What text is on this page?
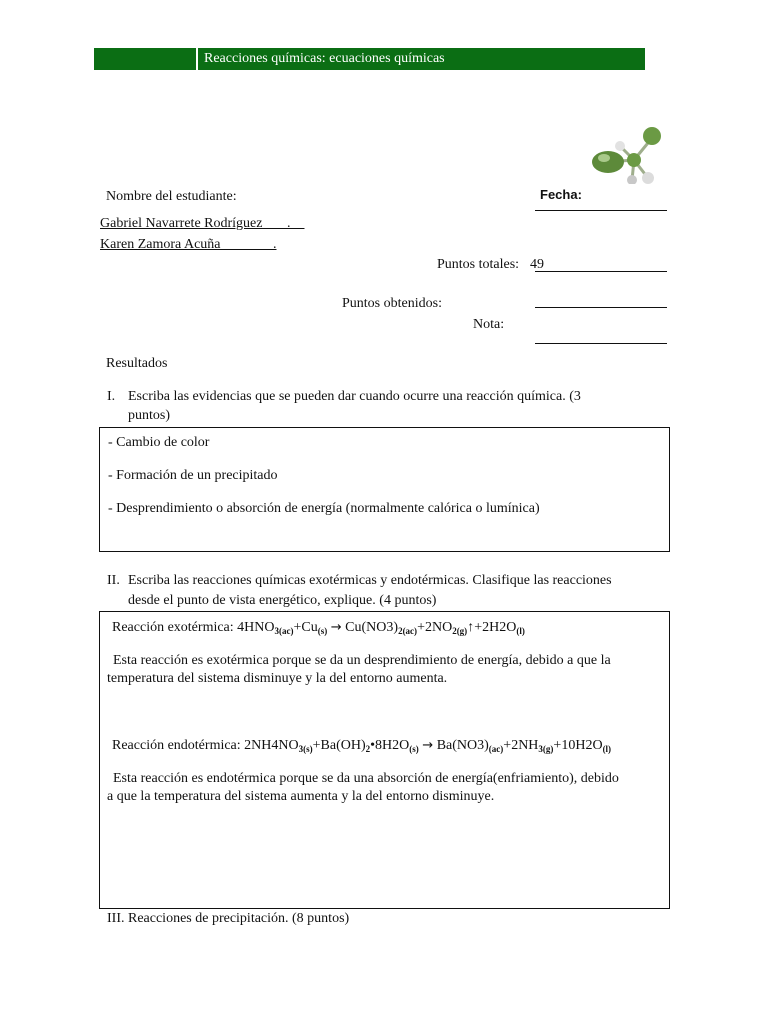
Reacciones químicas: ecuaciones químicas
Nombre del estudiante:	Fecha:
Gabriel Navarrete Rodríguez       .
Karen Zamora Acuña               .
Puntos totales: 49
Puntos obtenidos:
Nota:
Resultados
I. Escriba las evidencias que se pueden dar cuando ocurre una reacción química. (3
puntos)
- Cambio de color
- Formación de un precipitado
- Desprendimiento o absorción de energía (normalmente calórica o lumínica)
II. Escriba las reacciones químicas exotérmicas y endotérmicas. Clasifique las reacciones
desde el punto de vista energético, explique. (4 puntos)
Reacción exotérmica: $4HNO_{3(ac)}+Cu_{(s)}$ → $Cu(NO3)_{2(ac)}+2NO_{2(g)}↑+2H2O_{(l)}$
Esta reacción es exotérmica porque se da un desprendimiento de energía, debido a que la
temperatura del sistema disminuye y la del entorno aumenta.
Reacción endotérmica: $2NH4NO_{3(s)}+Ba(OH)_2•8H2O_{(s)} \to Ba(NO3)_{(ac)}+2NH_{3(g)}+10H2O_{(l)}$
Esta reacción es endotérmica porque se da una absorción de energía(enfriamiento), debido
a que la temperatura del sistema aumenta y la del entorno disminuye.
III. Reacciones de precipitación. (8 puntos)
